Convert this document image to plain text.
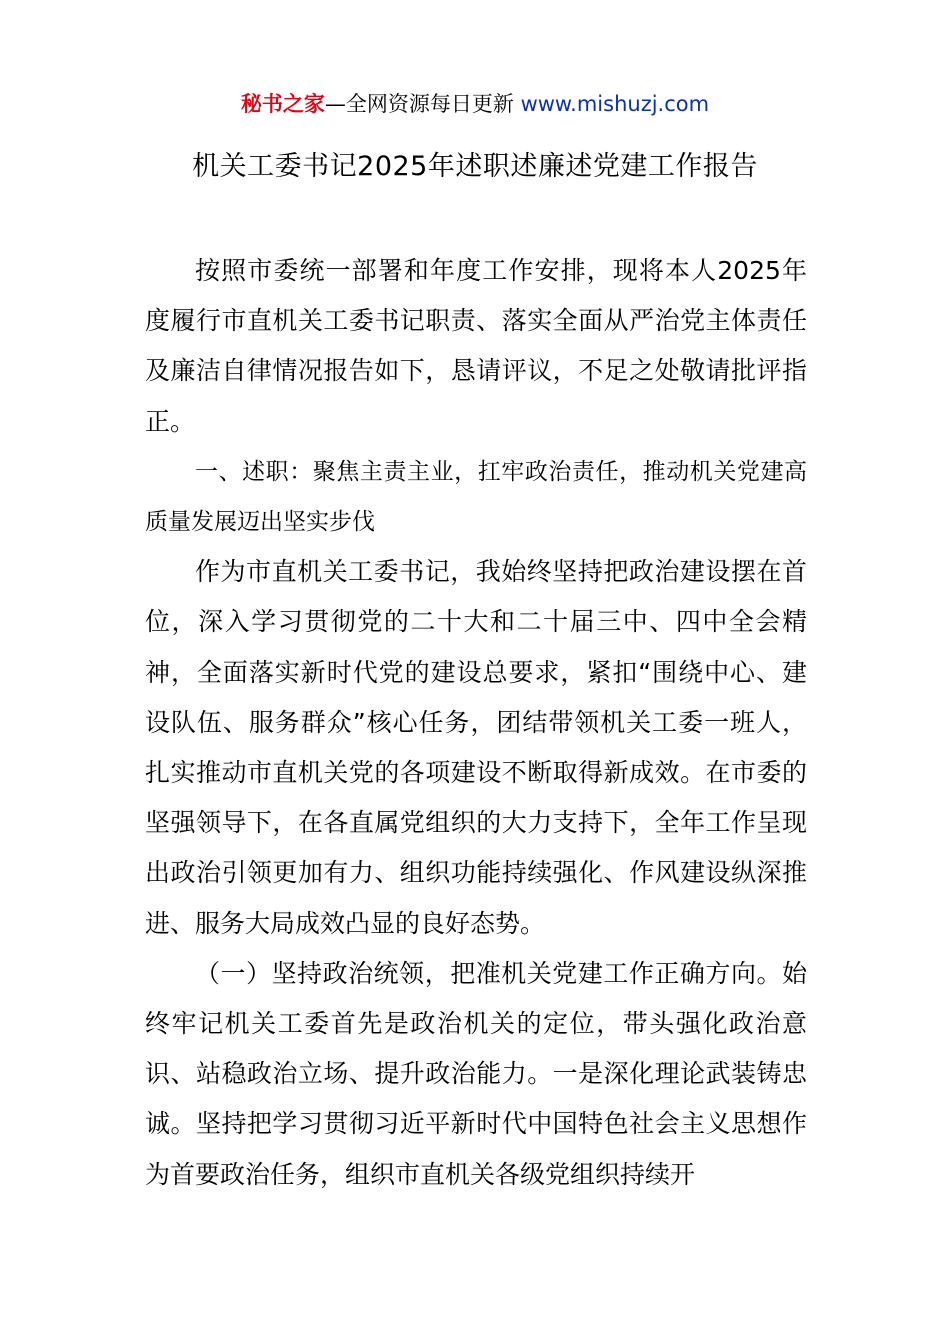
秘书之家—全网资源每日更新 www.mishuzj.com
机关工委书记2025年述职述廉述党建工作报告

按照市委统一部署和年度工作安排，现将本人2025年度履行市直机关工委书记职责、落实全面从严治党主体责任及廉洁自律情况报告如下，恳请评议，不足之处敬请批评指正。

一、述职：聚焦主责主业，扛牢政治责任，推动机关党建高质量发展迈出坚实步伐

作为市直机关工委书记，我始终坚持把政治建设摆在首位，深入学习贯彻党的二十大和二十届三中、四中全会精神，全面落实新时代党的建设总要求，紧扣“围绕中心、建设队伍、服务群众”核心任务，团结带领机关工委一班人，扎实推动市直机关党的各项建设不断取得新成效。在市委的坚强领导下，在各直属党组织的大力支持下，全年工作呈现出政治引领更加有力、组织功能持续强化、作风建设纵深推进、服务大局成效凸显的良好态势。

（一）坚持政治统领，把准机关党建工作正确方向。始终牢记机关工委首先是政治机关的定位，带头强化政治意识、站稳政治立场、提升政治能力。一是深化理论武装铸忠诚。坚持把学习贯彻习近平新时代中国特色社会主义思想作为首要政治任务，组织市直机关各级党组织持续开
